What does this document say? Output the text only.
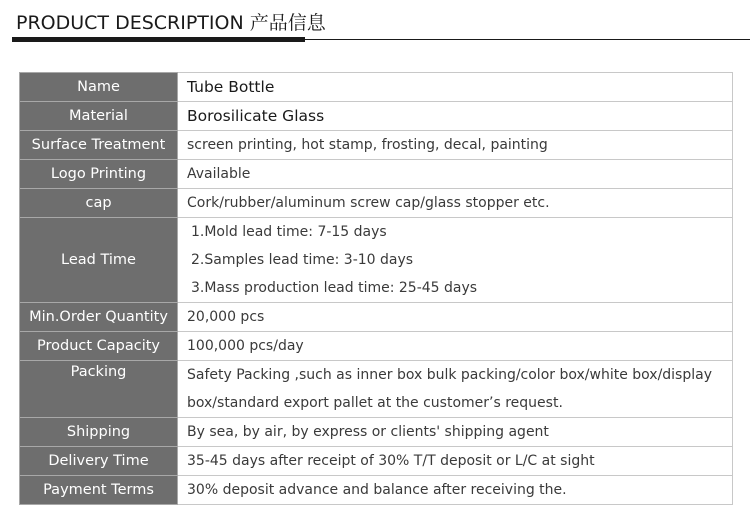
PRODUCT DESCRIPTION 产品信息
Name	Tube Bottle

Material	Borosilicate Glass

Surface Treatment	screen printing, hot stamp, frosting, decal, painting

Logo Printing	Available

cap	Cork/rubber/aluminum screw cap/glass stopper etc.

Lead Time	1.Mold lead time: 7-15 days
2.Samples lead time: 3-10 days
3.Mass production lead time: 25-45 days

Min.Order Quantity	20,000 pcs

Product Capacity	100,000 pcs/day

Packing	Safety Packing ,such as inner box bulk packing/color box/white box/display
box/standard export pallet at the customer’s request.

Shipping	By sea, by air, by express or clients' shipping agent

Delivery Time	35-45 days after receipt of 30% T/T deposit or L/C at sight

Payment Terms	30% deposit advance and balance after receiving the.
